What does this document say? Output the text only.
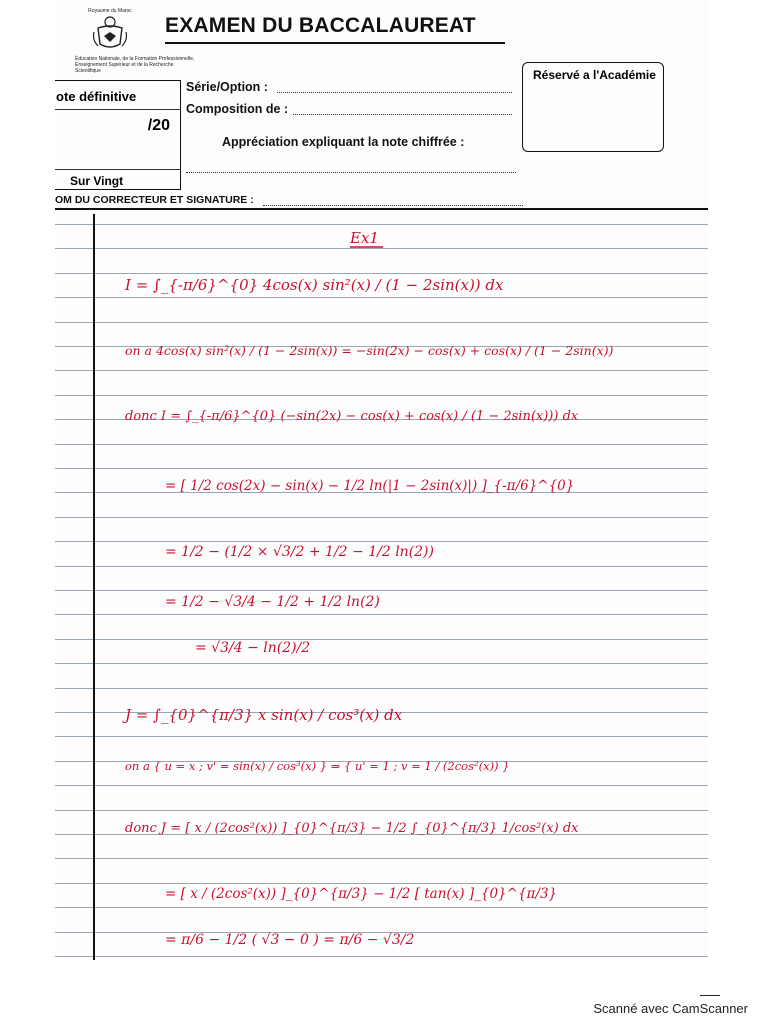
Royaume du Maroc
Éducation Nationale, de la Formation Professionnelle,
Enseignement Supérieur et de la Recherche Scientifique
EXAMEN DU BACCALAUREAT
Série/Option :
Composition de :
Appréciation expliquant la note chiffrée :
ote définitive
/20
Sur Vingt
Réservé a l'Académie
OM DU CORRECTEUR ET SIGNATURE :
Ex1
I = ∫_{-π/6}^{0} 4cos(x) sin²(x) / (1 − 2sin(x)) dx
on a 4cos(x) sin²(x) / (1 − 2sin(x)) = −sin(2x) − cos(x) + cos(x) / (1 − 2sin(x))
donc I = ∫_{-π/6}^{0} (−sin(2x) − cos(x) + cos(x) / (1 − 2sin(x))) dx
= [ 1/2 cos(2x) − sin(x) − 1/2 ln(|1 − 2sin(x)|) ]_{-π/6}^{0}
= 1/2 − (1/2 × √3/2 + 1/2 − 1/2 ln(2))
= 1/2 − √3/4 − 1/2 + 1/2 ln(2)
= √3/4 − ln(2)/2
J = ∫_{0}^{π/3} x sin(x) / cos³(x) dx
on a { u = x ; v' = sin(x) / cos³(x) } ⇒ { u' = 1 ; v = 1 / (2cos²(x)) }
donc J = [ x / (2cos²(x)) ]_{0}^{π/3} − 1/2 ∫_{0}^{π/3} 1/cos²(x) dx
= [ x / (2cos²(x)) ]_{0}^{π/3} − 1/2 [ tan(x) ]_{0}^{π/3}
= π/6 − 1/2 ( √3 − 0 ) = π/6 − √3/2
Scanné avec CamScanner
